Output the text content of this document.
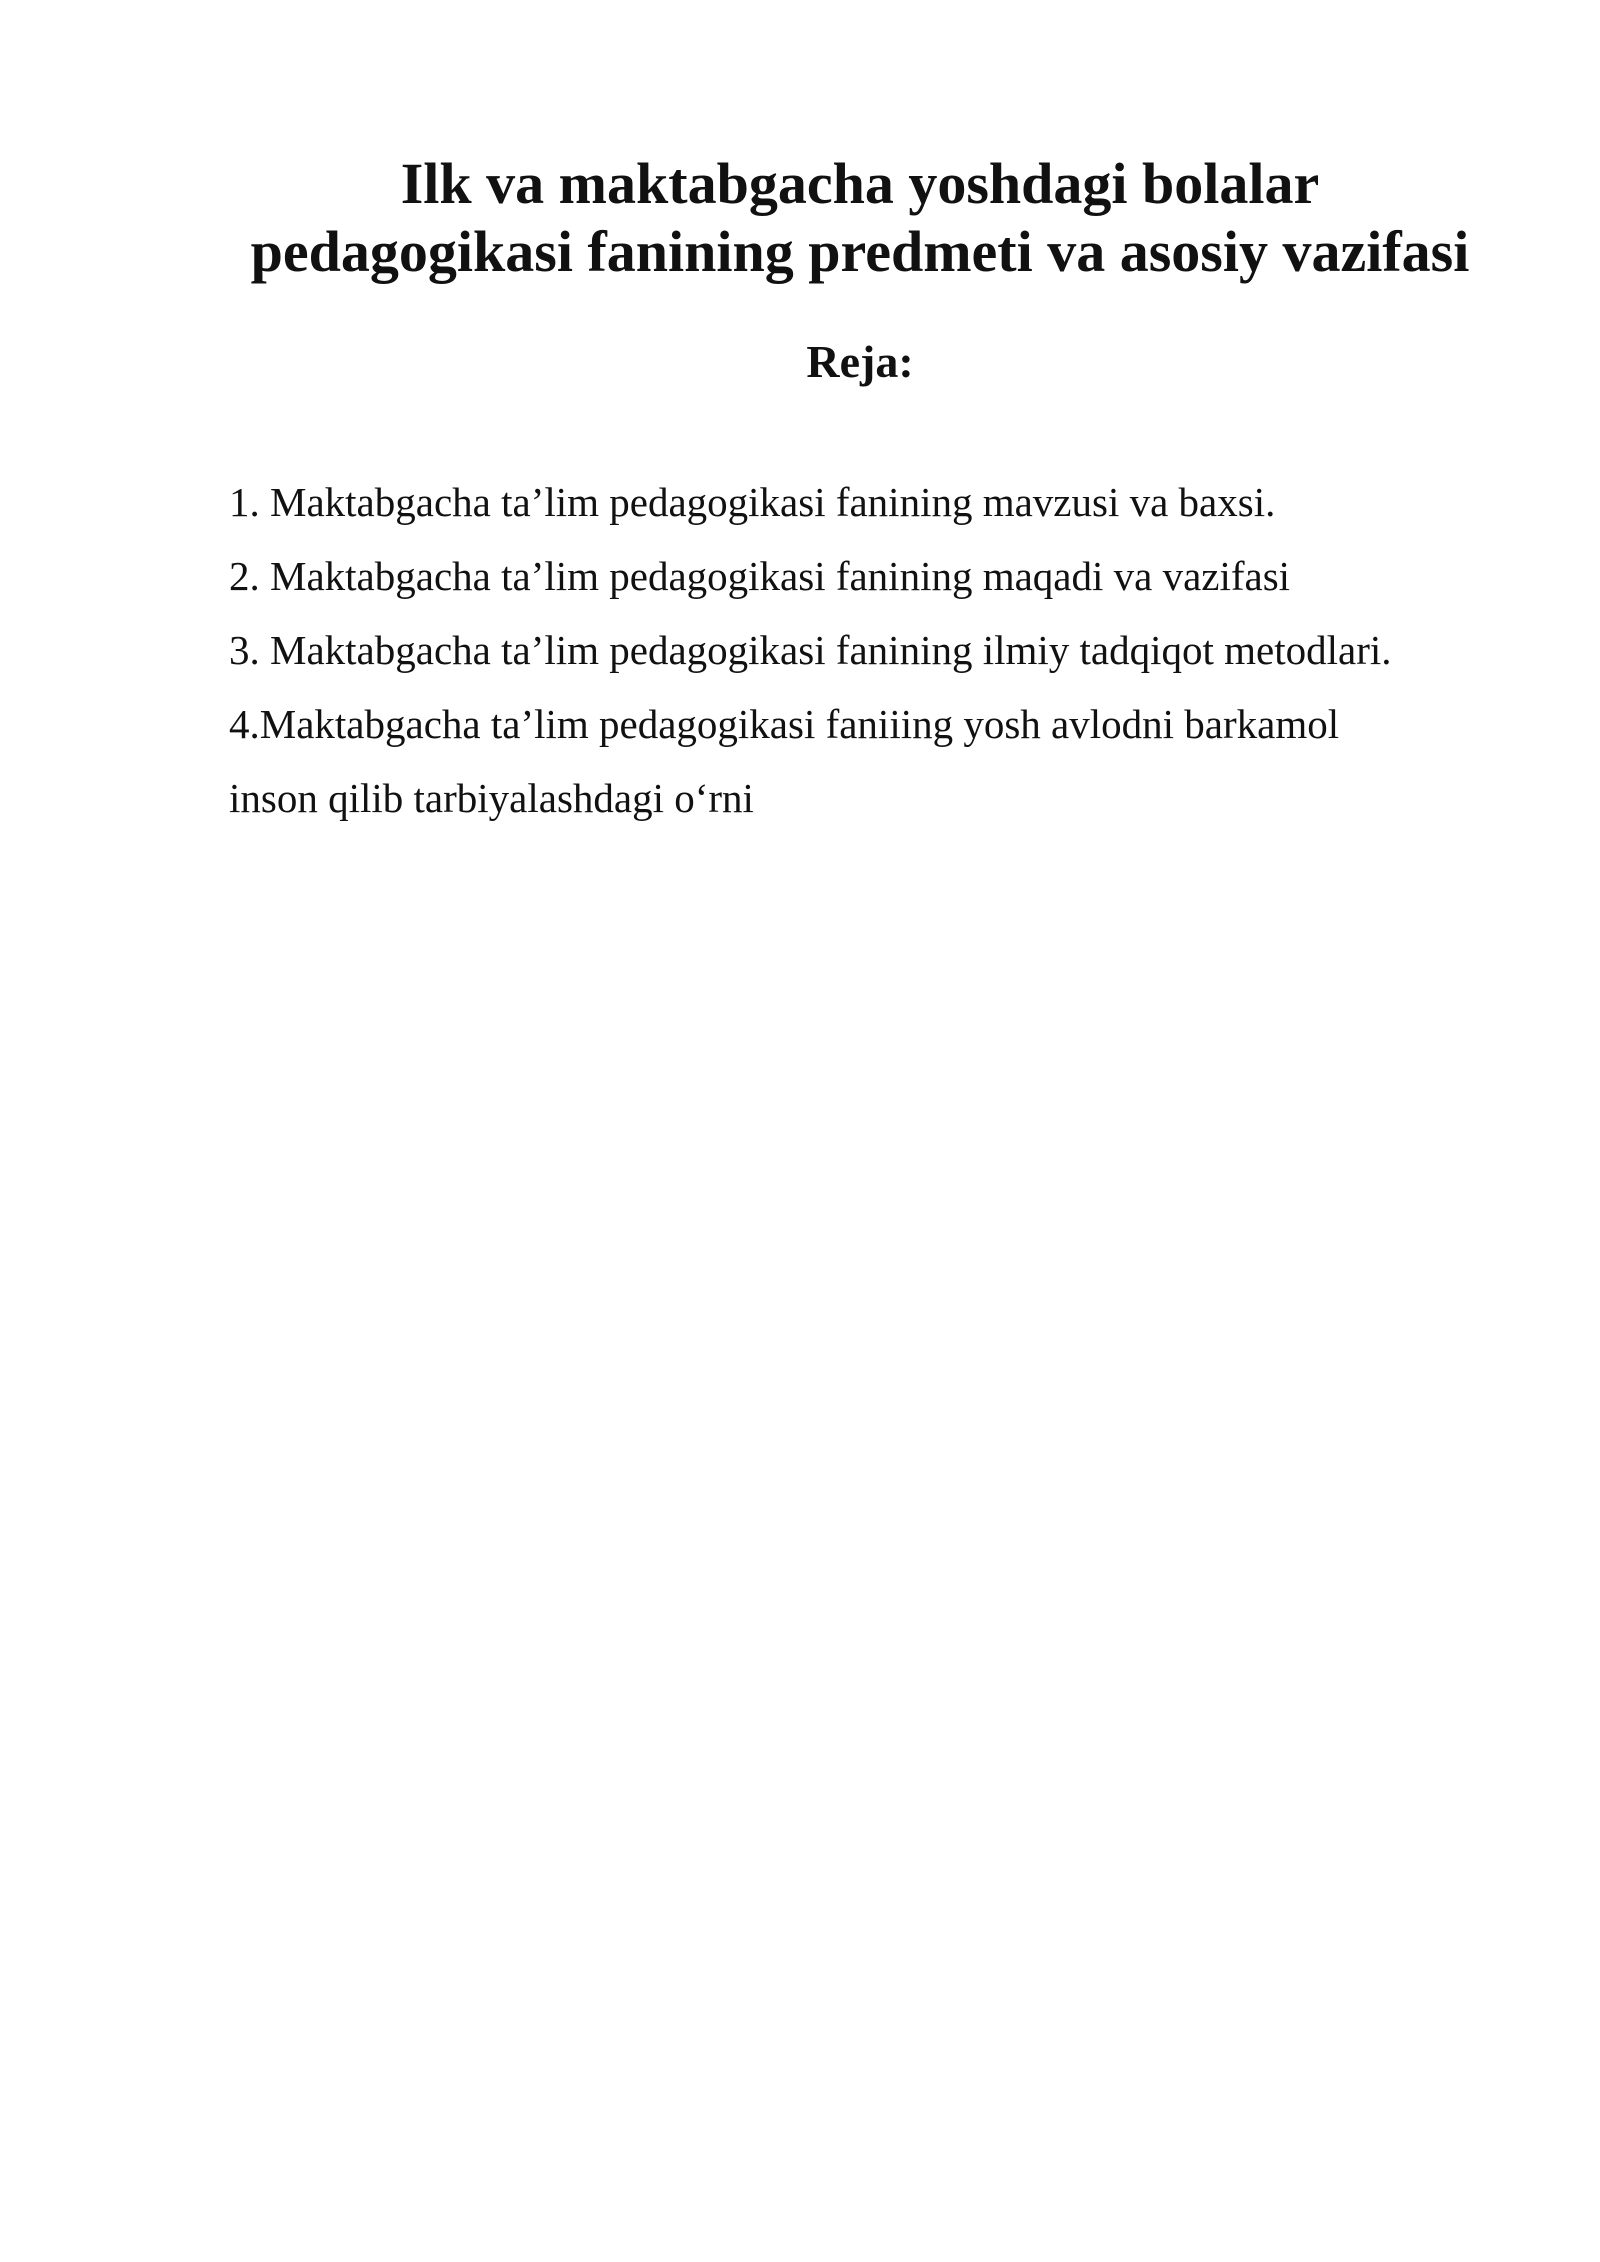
Ilk va maktabgacha yoshdagi bolalar
pedagogikasi fanining predmeti va asosiy vazifasi
Reja:
1. Maktabgacha ta’lim pedagogikasi fanining mavzusi va baxsi.
2. Maktabgacha ta’lim pedagogikasi fanining maqadi va vazifasi
3. Maktabgacha ta’lim pedagogikasi fanining ilmiy tadqiqot metodlari.
4.Maktabgacha ta’lim pedagogikasi faniiing yosh avlodni barkamol
inson qilib tarbiyalashdagi o‘rni
